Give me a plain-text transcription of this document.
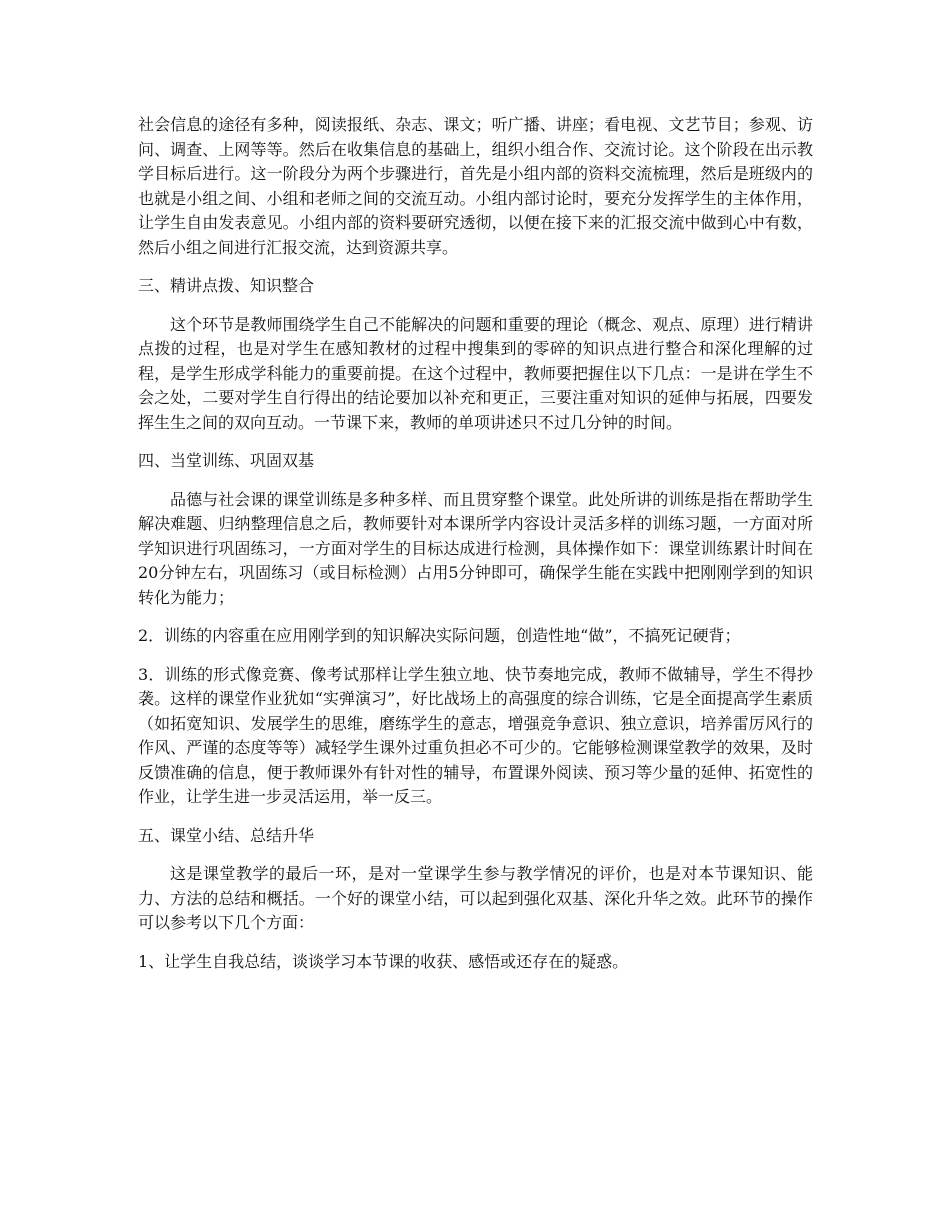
社会信息的途径有多种，阅读报纸、杂志、课文；听广播、讲座；看电视、文艺节目；参观、访问、调查、上网等等。然后在收集信息的基础上，组织小组合作、交流讨论。这个阶段在出示教学目标后进行。这一阶段分为两个步骤进行，首先是小组内部的资料交流梳理，然后是班级内的也就是小组之间、小组和老师之间的交流互动。小组内部讨论时，要充分发挥学生的主体作用，让学生自由发表意见。小组内部的资料要研究透彻，以便在接下来的汇报交流中做到心中有数，然后小组之间进行汇报交流，达到资源共享。

三、精讲点拨、知识整合

这个环节是教师围绕学生自己不能解决的问题和重要的理论（概念、观点、原理）进行精讲点拨的过程，也是对学生在感知教材的过程中搜集到的零碎的知识点进行整合和深化理解的过程，是学生形成学科能力的重要前提。在这个过程中，教师要把握住以下几点：一是讲在学生不会之处，二要对学生自行得出的结论要加以补充和更正，三要注重对知识的延伸与拓展，四要发挥生生之间的双向互动。一节课下来，教师的单项讲述只不过几分钟的时间。

四、当堂训练、巩固双基

品德与社会课的课堂训练是多种多样、而且贯穿整个课堂。此处所讲的训练是指在帮助学生解决难题、归纳整理信息之后，教师要针对本课所学内容设计灵活多样的训练习题，一方面对所学知识进行巩固练习，一方面对学生的目标达成进行检测，具体操作如下：课堂训练累计时间在20分钟左右，巩固练习（或目标检测）占用5分钟即可，确保学生能在实践中把刚刚学到的知识转化为能力；

2．训练的内容重在应用刚学到的知识解决实际问题，创造性地“做”，不搞死记硬背；

3．训练的形式像竞赛、像考试那样让学生独立地、快节奏地完成，教师不做辅导，学生不得抄袭。这样的课堂作业犹如“实弹演习”，好比战场上的高强度的综合训练，它是全面提高学生素质（如拓宽知识、发展学生的思维，磨练学生的意志，增强竞争意识、独立意识，培养雷厉风行的作风、严谨的态度等等）减轻学生课外过重负担必不可少的。它能够检测课堂教学的效果，及时反馈准确的信息，便于教师课外有针对性的辅导，布置课外阅读、预习等少量的延伸、拓宽性的作业，让学生进一步灵活运用，举一反三。

五、课堂小结、总结升华

这是课堂教学的最后一环，是对一堂课学生参与教学情况的评价，也是对本节课知识、能力、方法的总结和概括。一个好的课堂小结，可以起到强化双基、深化升华之效。此环节的操作可以参考以下几个方面：

1、让学生自我总结，谈谈学习本节课的收获、感悟或还存在的疑惑。
